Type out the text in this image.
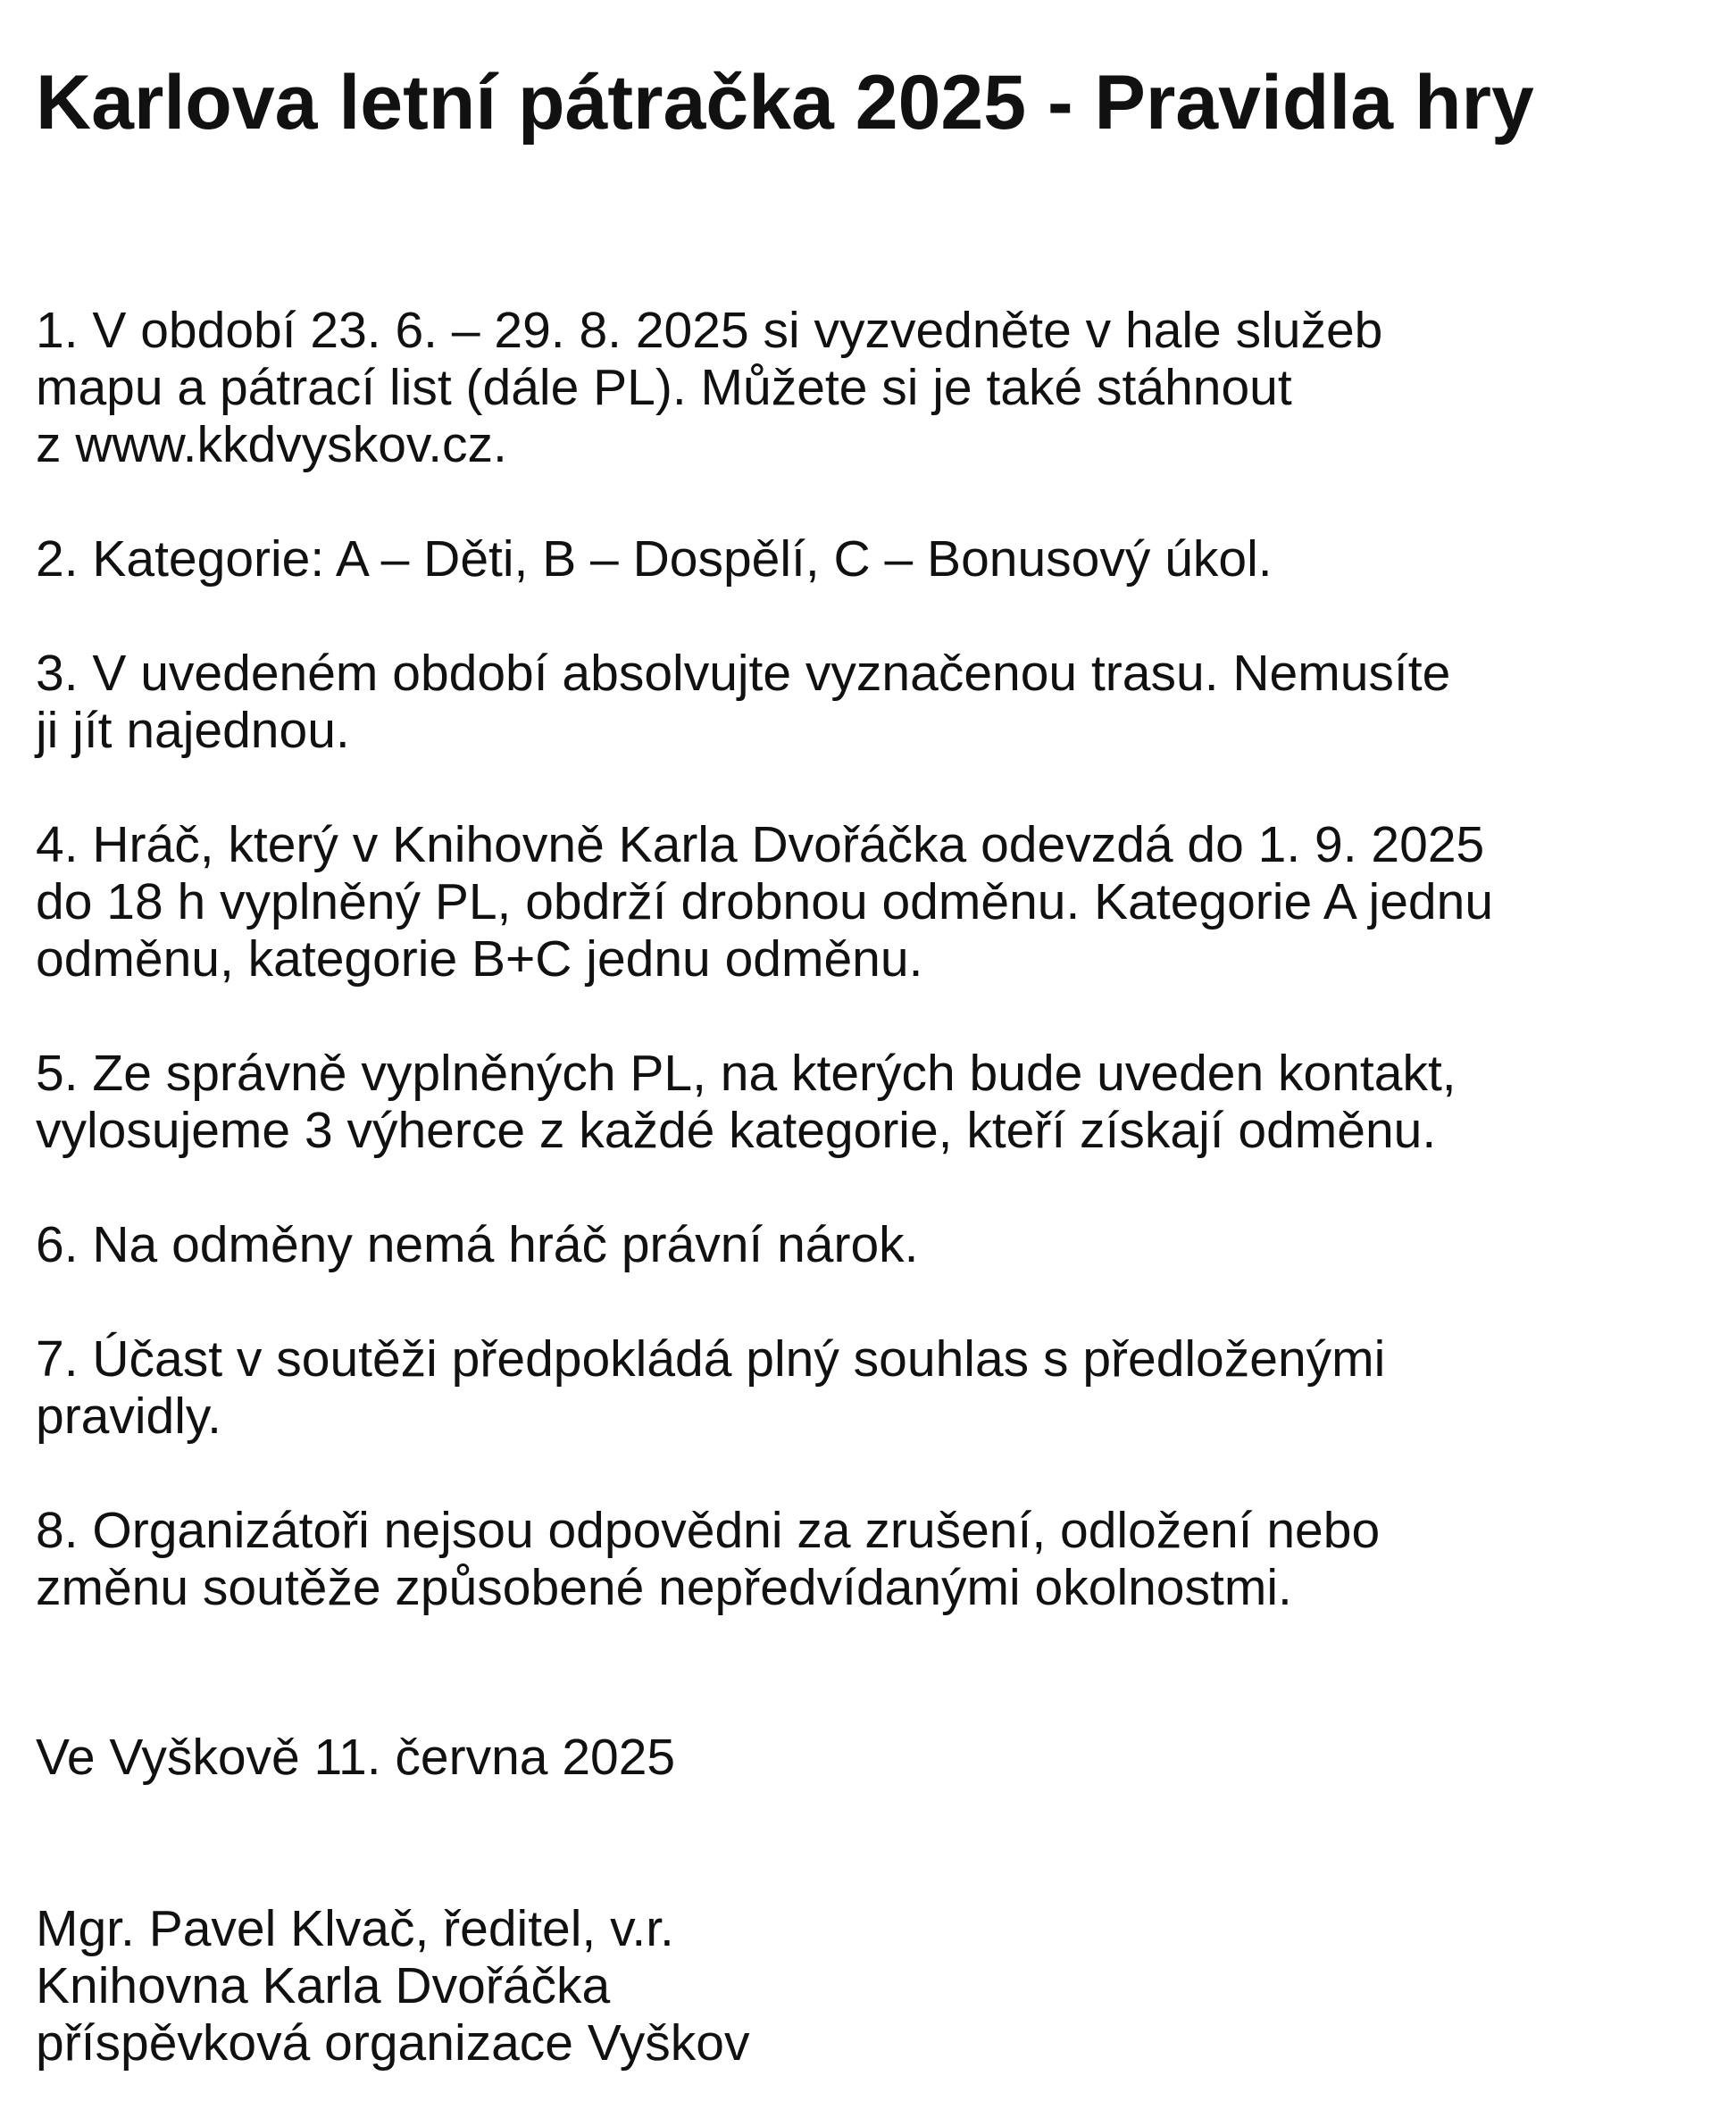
Karlova letní pátračka 2025 - Pravidla hry

1. V období 23. 6. – 29. 8. 2025 si vyzvedněte v hale služeb
mapu a pátrací list (dále PL). Můžete si je také stáhnout
z www.kkdvyskov.cz.

2. Kategorie: A – Děti, B – Dospělí, C – Bonusový úkol.

3. V uvedeném období absolvujte vyznačenou trasu. Nemusíte
ji jít najednou.

4. Hráč, který v Knihovně Karla Dvořáčka odevzdá do 1. 9. 2025
do 18 h vyplněný PL, obdrží drobnou odměnu. Kategorie A jednu
odměnu, kategorie B+C jednu odměnu.

5. Ze správně vyplněných PL, na kterých bude uveden kontakt,
vylosujeme 3 výherce z každé kategorie, kteří získají odměnu.

6. Na odměny nemá hráč právní nárok.

7. Účast v soutěži předpokládá plný souhlas s předloženými
pravidly.

8. Organizátoři nejsou odpovědni za zrušení, odložení nebo
změnu soutěže způsobené nepředvídanými okolnostmi.

Ve Vyškově 11. června 2025

Mgr. Pavel Klvač, ředitel, v.r.
Knihovna Karla Dvořáčka
příspěvková organizace Vyškov
